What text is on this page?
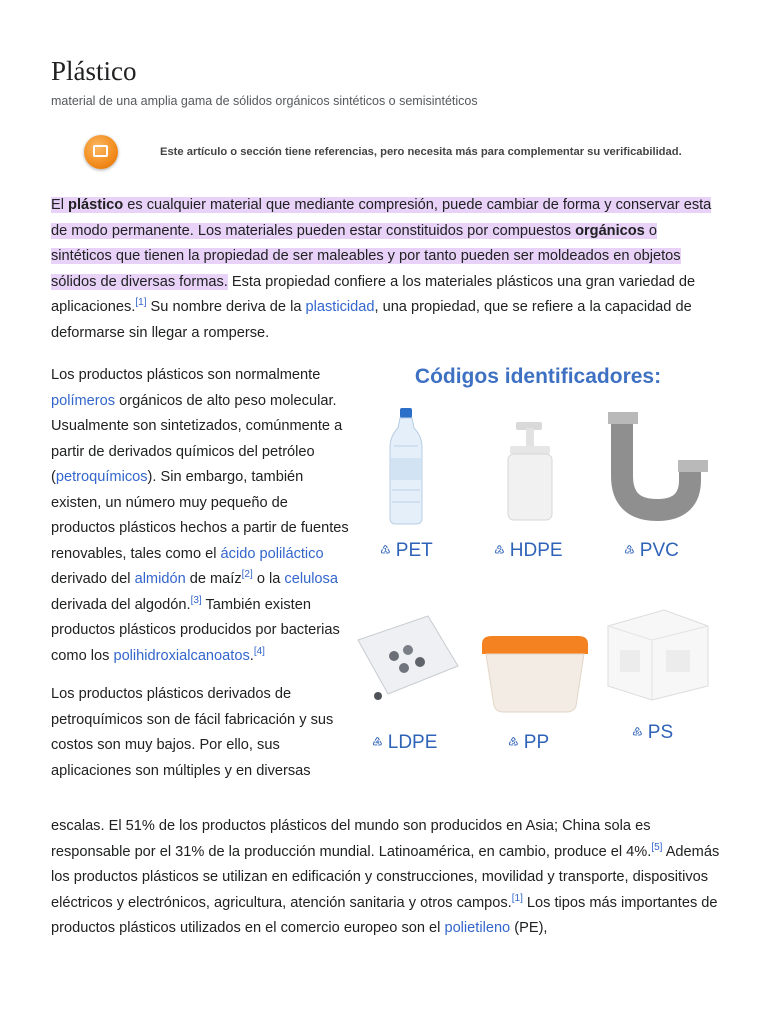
Plástico
material de una amplia gama de sólidos orgánicos sintéticos o semisintéticos
Este artículo o sección tiene referencias, pero necesita más para complementar su verificabilidad.

El plástico es cualquier material que mediante compresión, puede cambiar de forma y conservar esta de modo permanente. Los materiales pueden estar constituidos por compuestos orgánicos o sintéticos que tienen la propiedad de ser maleables y por tanto pueden ser moldeados en objetos sólidos de diversas formas. Esta propiedad confiere a los materiales plásticos una gran variedad de aplicaciones.[1] Su nombre deriva de la plasticidad, una propiedad, que se refiere a la capacidad de deformarse sin llegar a romperse.

Los productos plásticos son normalmente polímeros orgánicos de alto peso molecular. Usualmente son sintetizados, comúnmente a partir de derivados químicos del petróleo (petroquímicos). Sin embargo, también existen, un número muy pequeño de productos plásticos hechos a partir de fuentes renovables, tales como el ácido poliláctico derivado del almidón de maíz[2] o la celulosa derivada del algodón.[3] También existen productos plásticos producidos por bacterias como los polihidroxialcanoatos.[4]

Los productos plásticos derivados de petroquímicos son de fácil fabricación y sus costos son muy bajos. Por ello, sus aplicaciones son múltiples y en diversas

escalas. El 51% de los productos plásticos del mundo son producidos en Asia; China sola es responsable por el 31% de la producción mundial. Latinoamérica, en cambio, produce el 4%.[5] Además los productos plásticos se utilizan en edificación y construcciones, movilidad y transporte, dispositivos eléctricos y electrónicos, agricultura, atención sanitaria y otros campos.[1] Los tipos más importantes de productos plásticos utilizados en el comercio europeo son el polietileno (PE),

Códigos identificadores:
♳ PET	♴ HDPE	♵ PVC
♶ LDPE	♷ PP	♸ PS
